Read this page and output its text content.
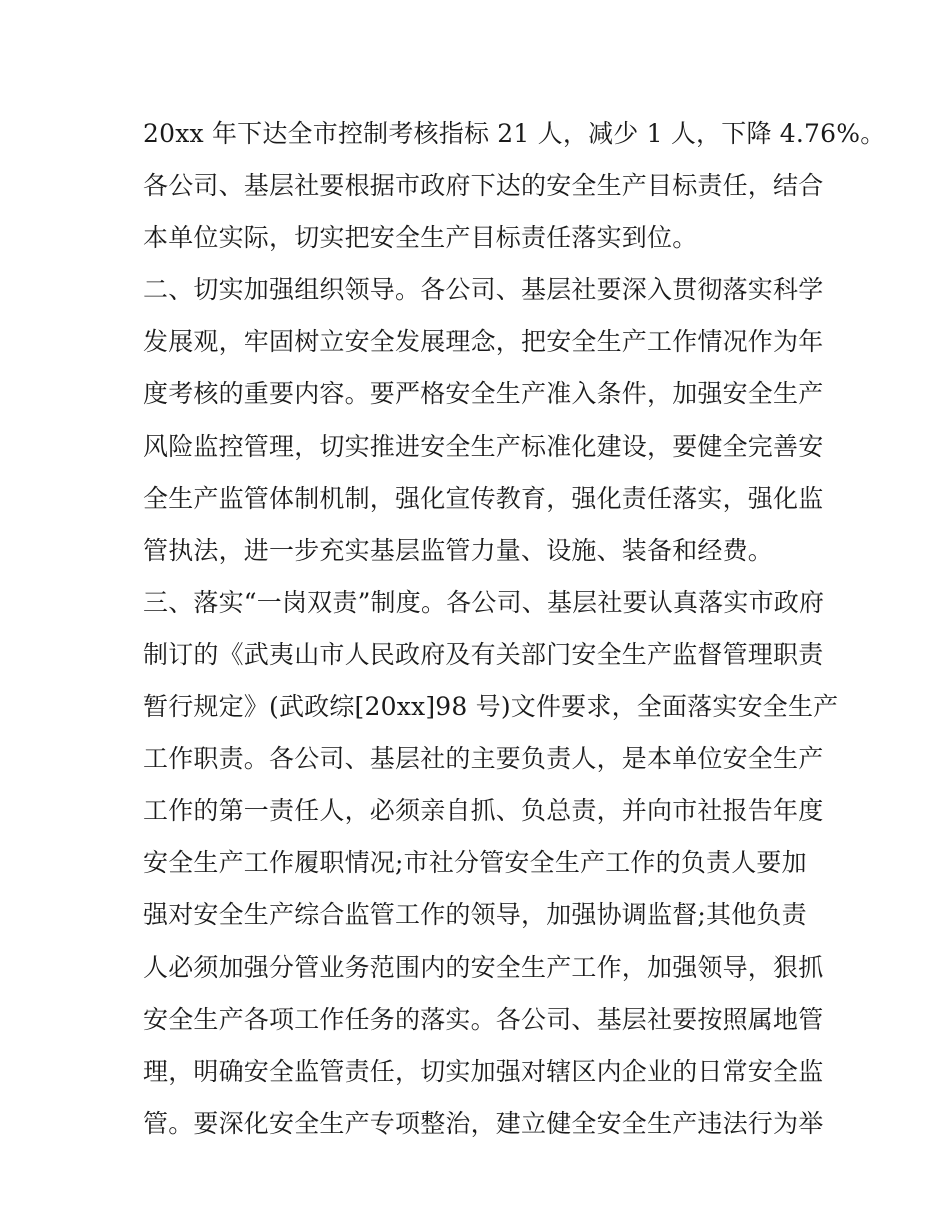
20xx 年下达全市控制考核指标 21 人，减少 1 人，下降 4.76%。
各公司、基层社要根据市政府下达的安全生产目标责任，结合
本单位实际，切实把安全生产目标责任落实到位。
二、切实加强组织领导。各公司、基层社要深入贯彻落实科学
发展观，牢固树立安全发展理念，把安全生产工作情况作为年
度考核的重要内容。要严格安全生产准入条件，加强安全生产
风险监控管理，切实推进安全生产标准化建设，要健全完善安
全生产监管体制机制，强化宣传教育，强化责任落实，强化监
管执法，进一步充实基层监管力量、设施、装备和经费。
三、落实“一岗双责”制度。各公司、基层社要认真落实市政府
制订的《武夷山市人民政府及有关部门安全生产监督管理职责
暂行规定》(武政综[20xx]98 号)文件要求，全面落实安全生产
工作职责。各公司、基层社的主要负责人，是本单位安全生产
工作的第一责任人，必须亲自抓、负总责，并向市社报告年度
安全生产工作履职情况;市社分管安全生产工作的负责人要加
强对安全生产综合监管工作的领导，加强协调监督;其他负责
人必须加强分管业务范围内的安全生产工作，加强领导，狠抓
安全生产各项工作任务的落实。各公司、基层社要按照属地管
理，明确安全监管责任，切实加强对辖区内企业的日常安全监
管。要深化安全生产专项整治，建立健全安全生产违法行为举
